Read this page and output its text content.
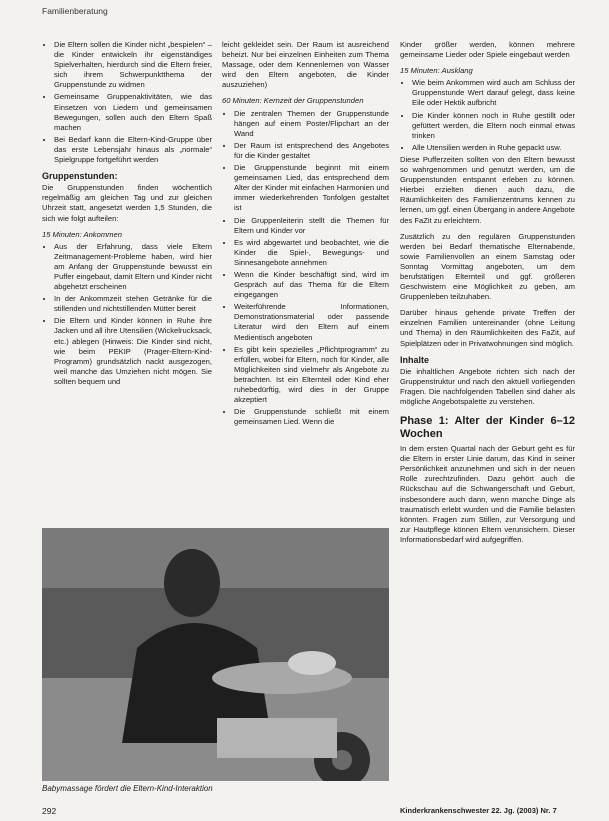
Familienberatung
• Die Eltern sollen die Kinder nicht „bespielen“ – die Kinder entwickeln ihr eigenständiges Spielverhalten, hierdurch sind die Eltern freier, sich ihrem Schwerpunktthema der Gruppenstunde zu widmen
• Gemeinsame Gruppenaktivitäten, wie das Einsetzen von Liedern und gemeinsamen Bewegungen, sollen auch den Eltern Spaß machen
• Bei Bedarf kann die Eltern-Kind-Gruppe über das erste Lebensjahr hinaus als „normale“ Spielgruppe fortgeführt werden
Gruppenstunden:

Die Gruppenstunden finden wöchentlich regelmäßig am gleichen Tag und zur gleichen Uhrzeit statt, angesetzt werden 1,5 Stunden, die sich wie folgt aufteilen:

15 Minuten: Ankommen
• Aus der Erfahrung, dass viele Eltern Zeitmanagement-Probleme haben, wird hier am Anfang der Gruppenstunde bewusst ein Puffer eingebaut, damit Eltern und Kinder nicht abgehetzt erscheinen
• In der Ankommzeit stehen Getränke für die stillenden und nichtstillenden Mütter bereit
• Die Eltern und Kinder können in Ruhe ihre Jacken und all ihre Utensilien (Wickelrucksack, etc.) ablegen (Hinweis: Die Kinder sind nicht, wie beim PEKIP (Prager-Eltern-Kind-Programm) grundsätzlich nackt ausgezogen, weil manche das Umziehen nicht mögen. Sie sollten bequem und

leicht gekleidet sein. Der Raum ist ausreichend beheizt. Nur bei einzelnen Einheiten zum Thema Massage, oder dem Kennenlernen von Wasser wird den Eltern angeboten, die Kinder auszuziehen)

60 Minuten: Kernzeit der Gruppenstunden
• Die zentralen Themen der Gruppenstunde hängen auf einem Poster/Flipchart an der Wand
• Der Raum ist entsprechend des Angebotes für die Kinder gestaltet
• Die Gruppenstunde beginnt mit einem gemeinsamen Lied, das entsprechend dem Alter der Kinder mit einfachen Harmonien und immer wiederkehrenden Tonfolgen gestaltet ist
• Die Gruppenleiterin stellt die Themen für Eltern und Kinder vor
• Es wird abgewartet und beobachtet, wie die Kinder die Spiel-, Bewegungs- und Sinnesangebote annehmen
• Wenn die Kinder beschäftigt sind, wird im Gespräch auf das Thema für die Eltern eingegangen
• Weiterführende Informationen, Demonstrationsmaterial oder passende Literatur wird den Eltern auf einem Medientisch angeboten
• Es gibt kein spezielles „Pflichtprogramm“ zu erfüllen, wobei für Eltern, noch für Kinder, alle Möglichkeiten sind vielmehr als Angebote zu betrachten. Ist ein Elternteil oder Kind eher ruhebedürftig, wird dies in der Gruppe akzeptiert
• Die Gruppenstunde schließt mit einem gemeinsamen Lied. Wenn die

Kinder größer werden, können mehrere gemeinsame Lieder oder Spiele eingebaut werden

15 Minuten: Ausklang
• Wie beim Ankommen wird auch am Schluss der Gruppenstunde Wert darauf gelegt, dass keine Eile oder Hektik aufbricht
• Die Kinder können noch in Ruhe gestillt oder gefüttert werden, die Eltern noch einmal etwas trinken
• Alle Utensilien werden in Ruhe gepackt usw.

Diese Pufferzeiten sollten von den Eltern bewusst so wahrgenommen und genutzt werden, um die Gruppenstunden entspannt erleben zu können. Hierbei erzielten dienen auch dazu, die Räumlichkeiten des Familienzentrums kennen zu lernen, um ggf. einen Übergang in andere Angebote des FaZit zu erleichtern.

Zusätzlich zu den regulären Gruppenstunden werden bei Bedarf thematische Elternabende, sowie Familienvollen an einem Samstag oder Sonntag Vormittag angeboten, um dem berufstätigen Elternteil und ggf. größeren Geschwistern eine Möglichkeit zu geben, am Gruppenleben teilzuhaben.

Darüber hinaus gehende private Treffen der einzelnen Familien untereinander (ohne Leitung und Thema) in den Räumlichkeiten des FaZit, auf Spielplätzen oder in Privatwohnungen sind möglich.

Inhalte

Die inhaltlichen Angebote richten sich nach der Gruppenstruktur und nach den aktuell vorliegenden Fragen. Die nachfolgenden Tabellen sind daher als mögliche Angebotspalette zu verstehen.

Phase 1: Alter der Kinder 6–12 Wochen

In dem ersten Quartal nach der Geburt geht es für die Eltern in erster Linie darum, das Kind in seiner Persönlichkeit anzunehmen und sich in der neuen Rolle zurechtzufinden. Dazu gehört auch die Rückschau auf die Schwangerschaft und Geburt, insbesondere auch dann, wenn manche Dinge als traumatisch erlebt wurden und die Familie belasten könnten. Fragen zum Stillen, zur Versorgung und zur Hautpflege können Eltern verunsichern. Dieser Informationsbedarf wird aufgegriffen.

Babymassage fördert die Eltern-Kind-Interaktion
292	Kinderkrankenschwester 22. Jg. (2003) Nr. 7
